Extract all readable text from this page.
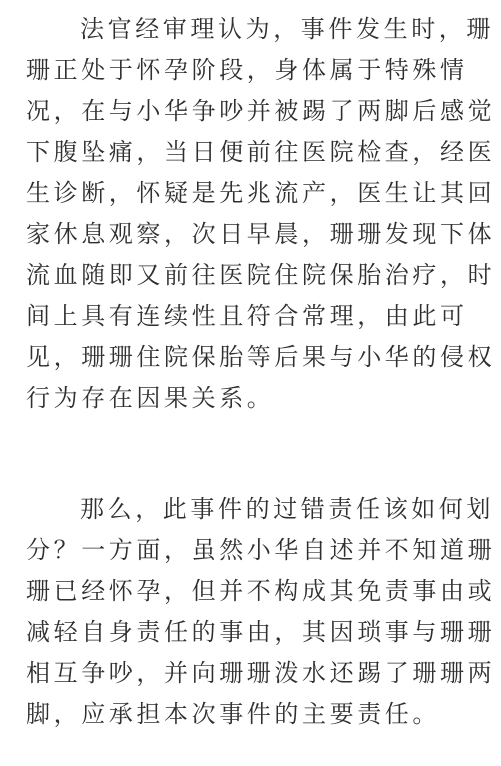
法官经审理认为，事件发生时，珊
珊正处于怀孕阶段，身体属于特殊情
况，在与小华争吵并被踢了两脚后感觉
下腹坠痛，当日便前往医院检查，经医
生诊断，怀疑是先兆流产，医生让其回
家休息观察，次日早晨，珊珊发现下体
流血随即又前往医院住院保胎治疗，时
间上具有连续性且符合常理，由此可
见，珊珊住院保胎等后果与小华的侵权
行为存在因果关系。

那么，此事件的过错责任该如何划
分？一方面，虽然小华自述并不知道珊
珊已经怀孕，但并不构成其免责事由或
减轻自身责任的事由，其因琐事与珊珊
相互争吵，并向珊珊泼水还踢了珊珊两
脚，应承担本次事件的主要责任。
